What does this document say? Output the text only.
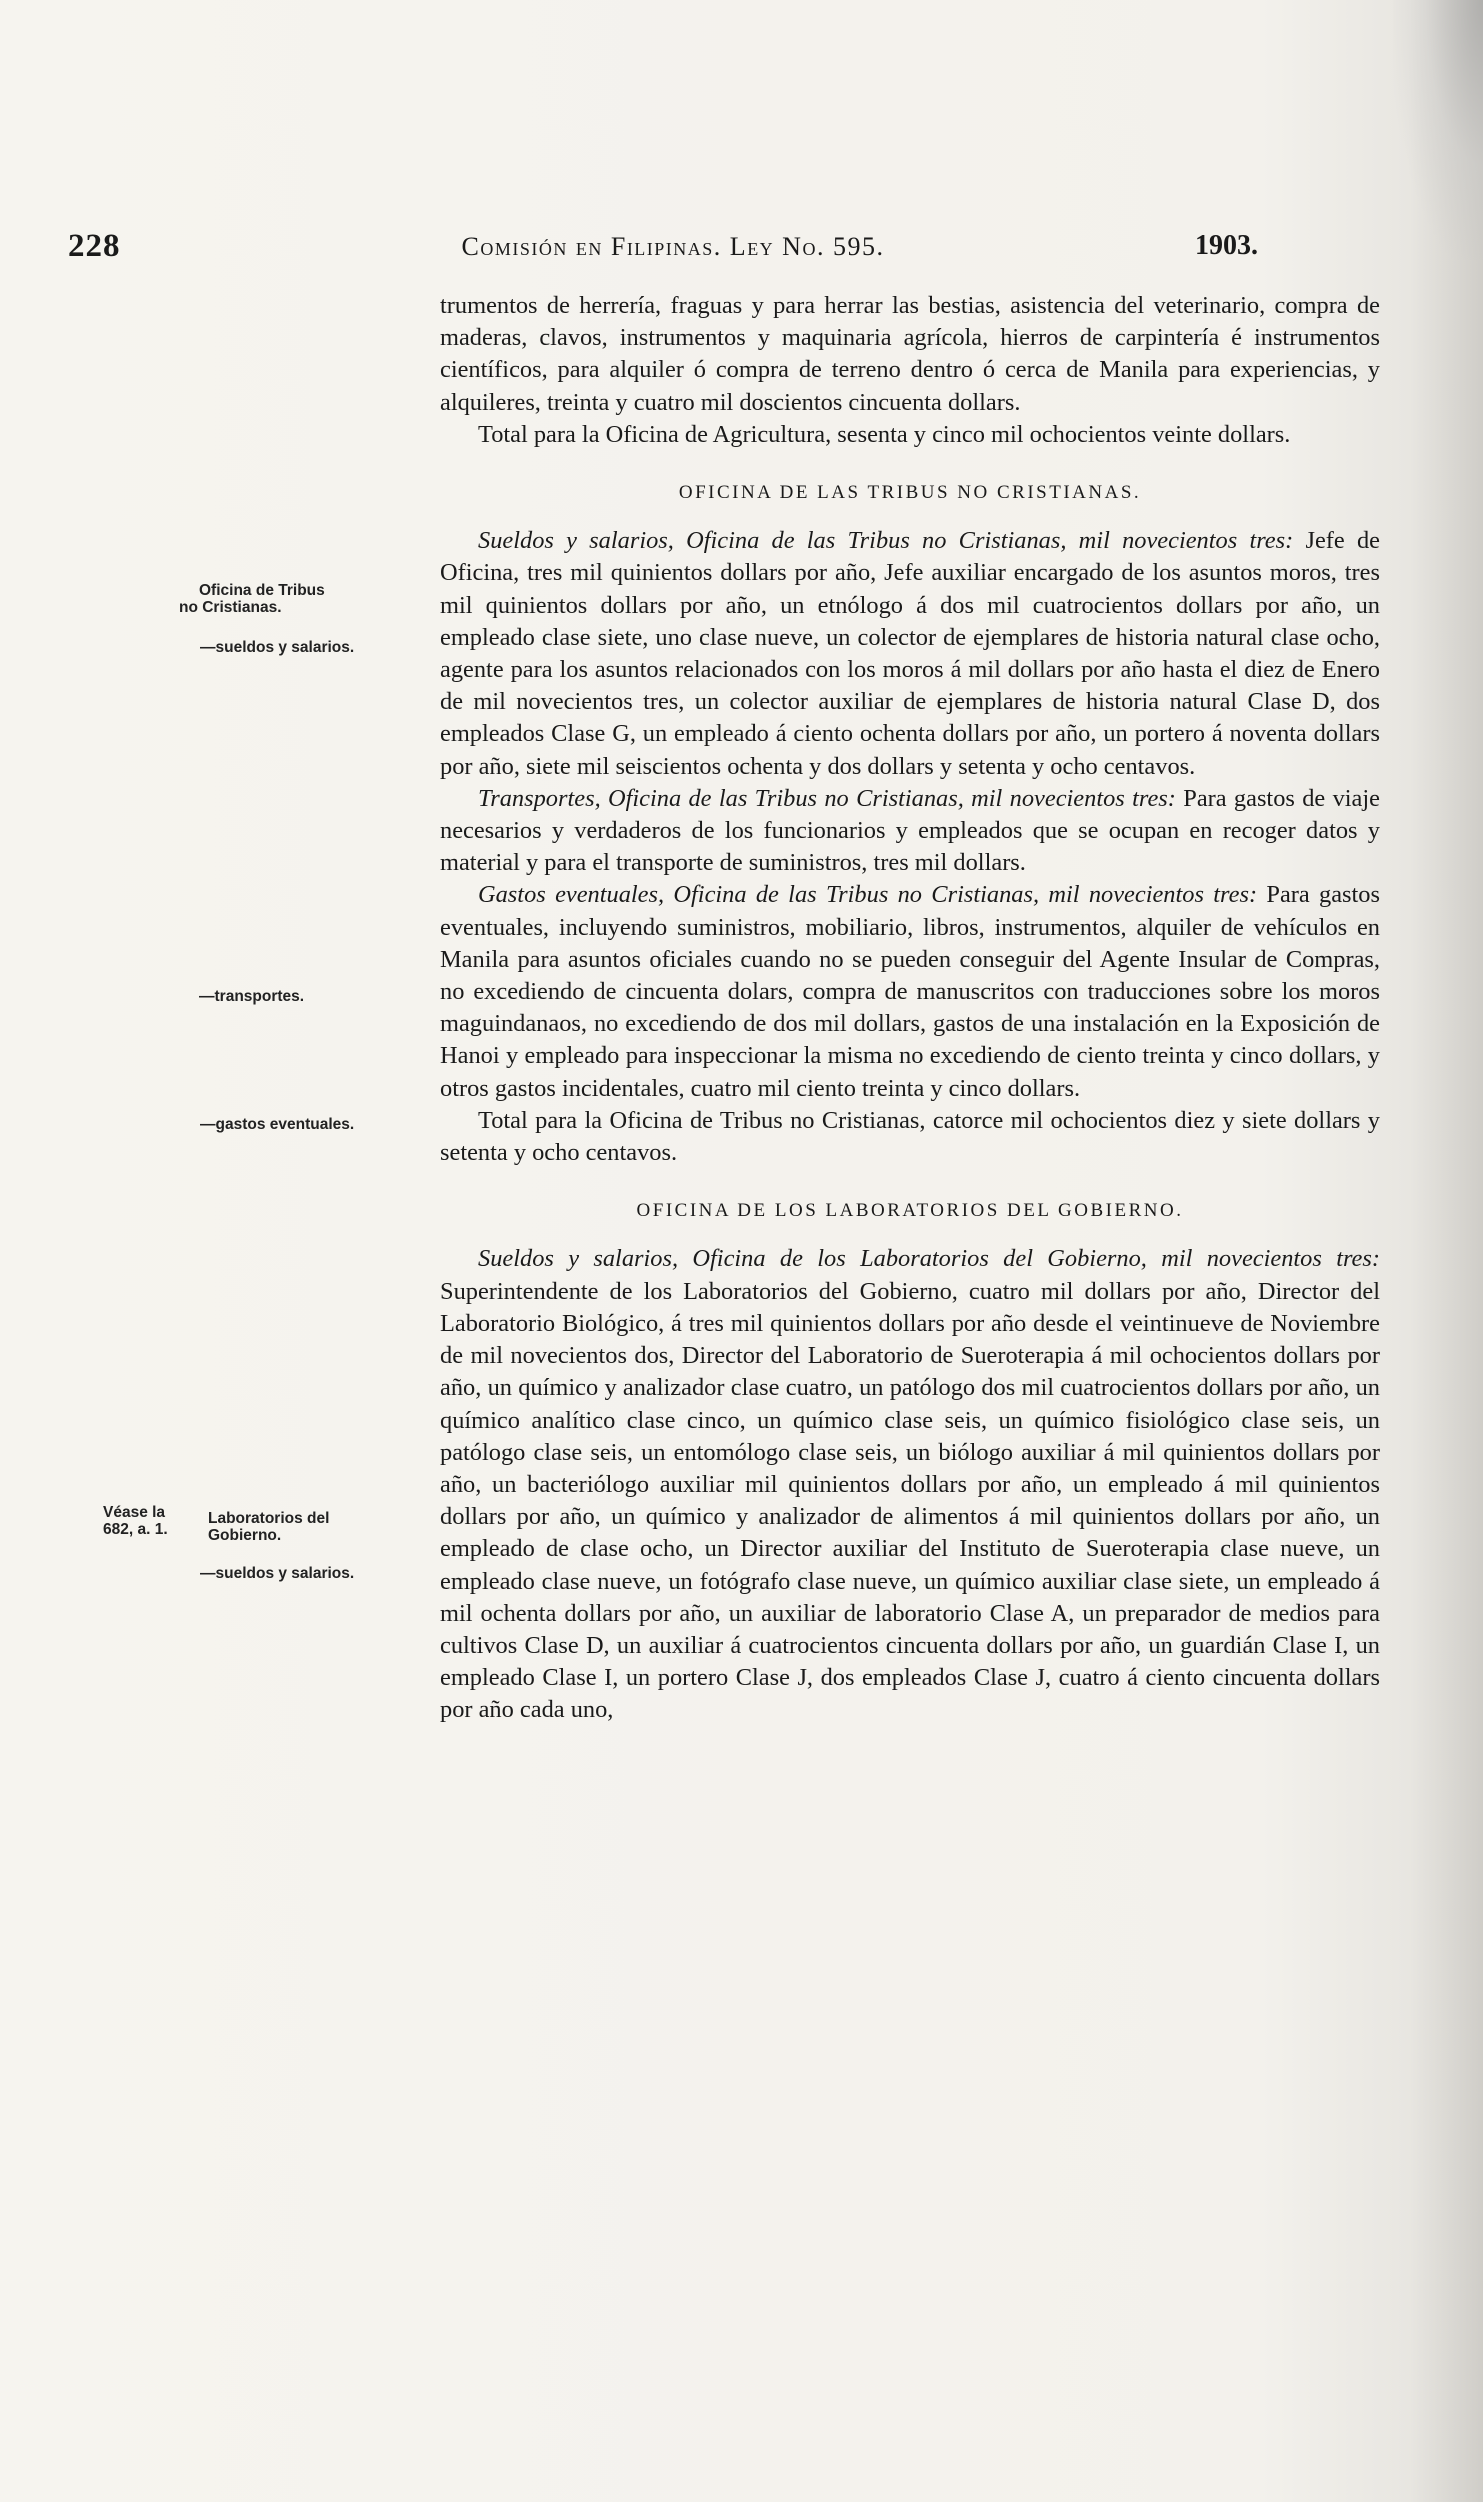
228	Comisión en Filipinas. Ley No. 595.	1903.
Oficina de Tribus
no Cristianas.
—sueldos y salarios.
—transportes.
—gastos eventuales.
Véase la
682, a. 1.
Laboratorios del
Gobierno.
—sueldos y salarios.

trumentos de herrería, fraguas y para herrar las bestias, asistencia del veterinario, compra de maderas, clavos, instrumentos y maquinaria agrícola, hierros de carpintería é instrumentos científicos, para alquiler ó compra de terreno dentro ó cerca de Manila para experiencias, y alquileres, treinta y cuatro mil doscientos cincuenta dollars.

Total para la Oficina de Agricultura, sesenta y cinco mil ochocientos veinte dollars.

OFICINA DE LAS TRIBUS NO CRISTIANAS.

Sueldos y salarios, Oficina de las Tribus no Cristianas, mil novecientos tres: Jefe de Oficina, tres mil quinientos dollars por año, Jefe auxiliar encargado de los asuntos moros, tres mil quinientos dollars por año, un etnólogo á dos mil cuatrocientos dollars por año, un empleado clase siete, uno clase nueve, un colector de ejemplares de historia natural clase ocho, agente para los asuntos relacionados con los moros á mil dollars por año hasta el diez de Enero de mil novecientos tres, un colector auxiliar de ejemplares de historia natural Clase D, dos empleados Clase G, un empleado á ciento ochenta dollars por año, un portero á noventa dollars por año, siete mil seiscientos ochenta y dos dollars y setenta y ocho centavos.

Transportes, Oficina de las Tribus no Cristianas, mil novecientos tres: Para gastos de viaje necesarios y verdaderos de los funcionarios y empleados que se ocupan en recoger datos y material y para el transporte de suministros, tres mil dollars.

Gastos eventuales, Oficina de las Tribus no Cristianas, mil novecientos tres: Para gastos eventuales, incluyendo suministros, mobiliario, libros, instrumentos, alquiler de vehículos en Manila para asuntos oficiales cuando no se pueden conseguir del Agente Insular de Compras, no excediendo de cincuenta dolars, compra de manuscritos con traducciones sobre los moros maguindanaos, no excediendo de dos mil dollars, gastos de una instalación en la Exposición de Hanoi y empleado para inspeccionar la misma no excediendo de ciento treinta y cinco dollars, y otros gastos incidentales, cuatro mil ciento treinta y cinco dollars.

Total para la Oficina de Tribus no Cristianas, catorce mil ochocientos diez y siete dollars y setenta y ocho centavos.

OFICINA DE LOS LABORATORIOS DEL GOBIERNO.

Sueldos y salarios, Oficina de los Laboratorios del Gobierno, mil novecientos tres: Superintendente de los Laboratorios del Gobierno, cuatro mil dollars por año, Director del Laboratorio Biológico, á tres mil quinientos dollars por año desde el veintinueve de Noviembre de mil novecientos dos, Director del Laboratorio de Sueroterapia á mil ochocientos dollars por año, un químico y analizador clase cuatro, un patólogo dos mil cuatrocientos dollars por año, un químico analítico clase cinco, un químico clase seis, un químico fisiológico clase seis, un patólogo clase seis, un entomólogo clase seis, un biólogo auxiliar á mil quinientos dollars por año, un bacteriólogo auxiliar mil quinientos dollars por año, un empleado á mil quinientos dollars por año, un químico y analizador de alimentos á mil quinientos dollars por año, un empleado de clase ocho, un Director auxiliar del Instituto de Sueroterapia clase nueve, un empleado clase nueve, un fotógrafo clase nueve, un químico auxiliar clase siete, un empleado á mil ochenta dollars por año, un auxiliar de laboratorio Clase A, un preparador de medios para cultivos Clase D, un auxiliar á cuatrocientos cincuenta dollars por año, un guardián Clase I, un empleado Clase I, un portero Clase J, dos empleados Clase J, cuatro á ciento cincuenta dollars por año cada uno,
